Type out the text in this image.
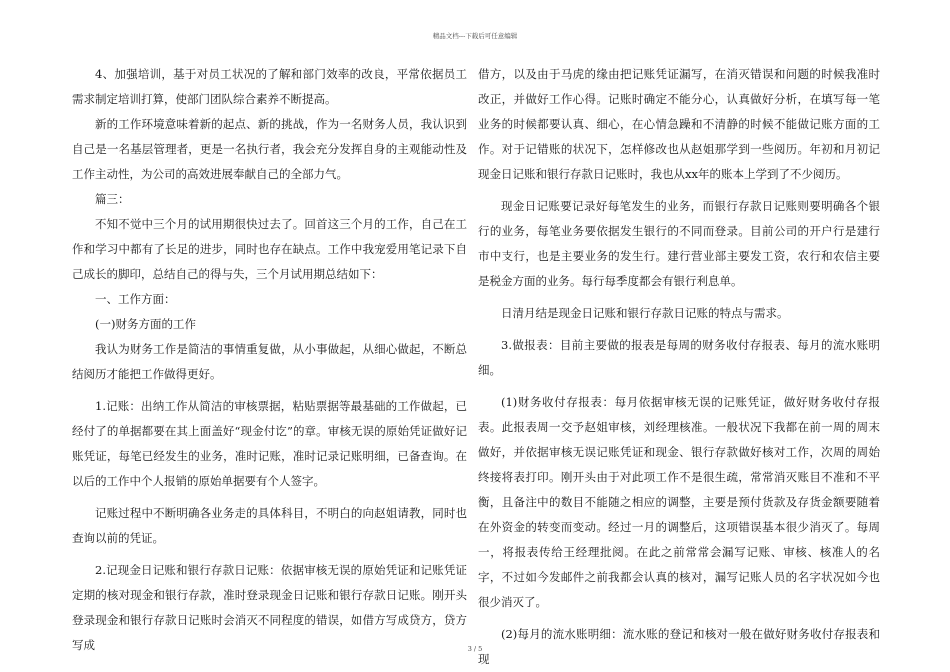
精品文档---下载后可任意编辑

4、加强培训，基于对员工状况的了解和部门效率的改良，平常依据员工需求制定培训打算，使部门团队综合素养不断提高。

新的工作环境意味着新的起点、新的挑战，作为一名财务人员，我认识到自己是一名基层管理者，更是一名执行者，我会充分发挥自身的主观能动性及工作主动性，为公司的高效进展奉献自己的全部力气。

篇三：

不知不觉中三个月的试用期很快过去了。回首这三个月的工作，自己在工作和学习中都有了长足的进步，同时也存在缺点。工作中我宠爱用笔记录下自己成长的脚印，总结自己的得与失，三个月试用期总结如下：

一、工作方面：

(一)财务方面的工作

我认为财务工作是简洁的事情重复做，从小事做起，从细心做起，不断总结阅历才能把工作做得更好。

1.记账：出纳工作从简洁的审核票据，粘贴票据等最基础的工作做起，已经付了的单据都要在其上面盖好“现金付讫”的章。审核无误的原始凭证做好记账凭证，每笔已经发生的业务，准时记账，准时记录记账明细，已备查询。在以后的工作中个人报销的原始单据要有个人签字。

记账过程中不断明确各业务走的具体科目，不明白的向赵姐请教，同时也查询以前的凭证。

2.记现金日记账和银行存款日记账：依据审核无误的原始凭证和记账凭证定期的核对现金和银行存款，准时登录现金日记账和银行存款日记账。刚开头登录现金和银行存款日记账时会消灭不同程度的错误，如借方写成贷方，贷方写成

借方，以及由于马虎的缘由把记账凭证漏写，在消灭错误和问题的时候我准时改正，并做好工作心得。记账时确定不能分心，认真做好分析，在填写每一笔业务的时候都要认真、细心，在心情急躁和不清静的时候不能做记账方面的工作。对于记错账的状况下，怎样修改也从赵姐那学到一些阅历。年初和月初记现金日记账和银行存款日记账时，我也从xx年的账本上学到了不少阅历。

现金日记账要记录好每笔发生的业务，而银行存款日记账则要明确各个银行的业务，每笔业务要依据发生银行的不同而登录。目前公司的开户行是建行市中支行，也是主要业务的发生行。建行营业部主要发工资，农行和农信主要是税金方面的业务。每行每季度都会有银行利息单。

日清月结是现金日记账和银行存款日记账的特点与需求。

3.做报表：目前主要做的报表是每周的财务收付存报表、每月的流水账明细。

(1)财务收付存报表：每月依据审核无误的记账凭证，做好财务收付存报表。此报表周一交予赵姐审核，刘经理核准。一般状况下我都在前一周的周末做好，并依据审核无误记账凭证和现金、银行存款做好核对工作，次周的周始终接将表打印。刚开头由于对此项工作不是很生疏，常常消灭账目不准和不平衡，且备注中的数目不能随之相应的调整，主要是预付货款及存货金额要随着在外资金的转变而变动。经过一月的调整后，这项错误基本很少消灭了。每周一，将报表传给王经理批阅。在此之前常常会漏写记账、审核、核准人的名字，不过如今发邮件之前我都会认真的核对，漏写记账人员的名字状况如今也很少消灭了。

(2)每月的流水账明细：流水账的登记和核对一般在做好财务收付存报表和现

3 / 5
